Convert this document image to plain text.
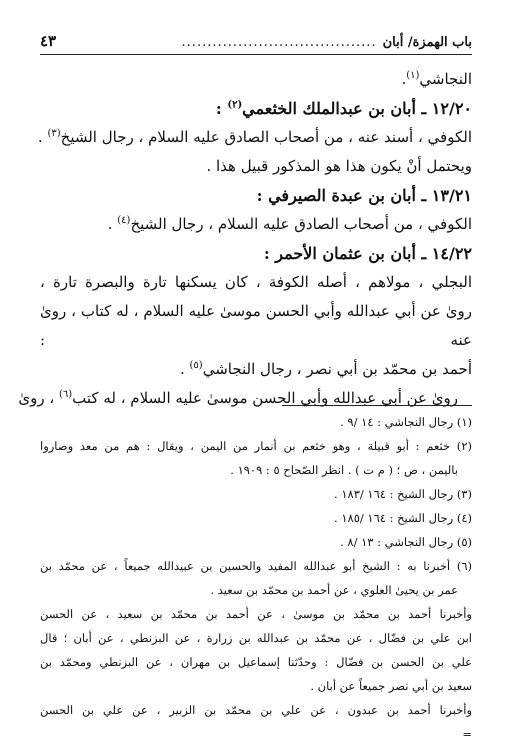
باب الهمزة/ أبان
......................................
٤٣
النجاشي$^{(١)}$.
١٢/٢٠ ـ أبان بن عبدالملك الخثعمي$^{(٢)}$ :
الكوفي ، أسند عنه ، من أصحاب الصادق عليه السلام ، رجال الشيخ$^{(٣)}$ .
ويحتمل أنْ يكون هذا هو المذكور قبيل هذا .
١٣/٢١ ـ أبان بن عبدة الصيرفي :
الكوفي ، من أصحاب الصادق عليه السلام ، رجال الشيخ$^{(٤)}$ .
١٤/٢٢ ـ أبان بن عثمان الأحمر :
البجلي ، مولاهم ، أصله الكوفة ، كان يسكنها تارة والبصرة تارة ،
روىٰ عن أبي عبدالله وأبي الحسن موسىٰ عليه السلام ، له كتاب ، روىٰ عنه :
أحمد بن محمّد بن أبي نصر ، رجال النجاشي$^{(٥)}$ .
روىٰ عن أبي عبدالله وأبي الحسن موسىٰ عليه السلام ، له كتب$^{(٦)}$ ، روىٰ
(١) رجال النجاشي : ١٤ /٩ .
(٢) خثعم : أبو قبيلة ، وهو خثعم بن أنمار من اليمن ، ويقال : هم من معد وصاروا
باليمن ، ص ؛ ( م ت ) . انظر الصّحاح ٥ : ١٩٠٩ .
(٣) رجال الشيخ : ١٦٤ /١٨٣ .
(٤) رجال الشيخ : ١٦٤ /١٨٥ .
(٥) رجال النجاشي : ١٣ /٨ .
(٦) أخبرنا به : الشيخ أبو عبدالله المفيد والحسين بن عبيدالله جميعاً ، عن محمّد بن
عمر بن يحيىٰ العلوي ، عن أحمد بن محمّد بن سعيد .
وأخبرنا أحمد بن محمّد بن موسىٰ ، عن أحمد بن محمّد بن سعيد ، عن الحسن
ابن علي بن فضّال ، عن محمّد بن عبدالله بن زرارة ، عن البزنطي ، عن أبان ؛ قال
علي بن الحسن بن فضّال : وحدّثنا إسماعيل بن مهران ، عن البزنطي ومحمّد بن
سعيد بن أبي نصر جميعاً عن أبان .
وأخبرنا أحمد بن عبدون ، عن علي بن محمّد بن الزبير ، عن علي بن الحسن
=
